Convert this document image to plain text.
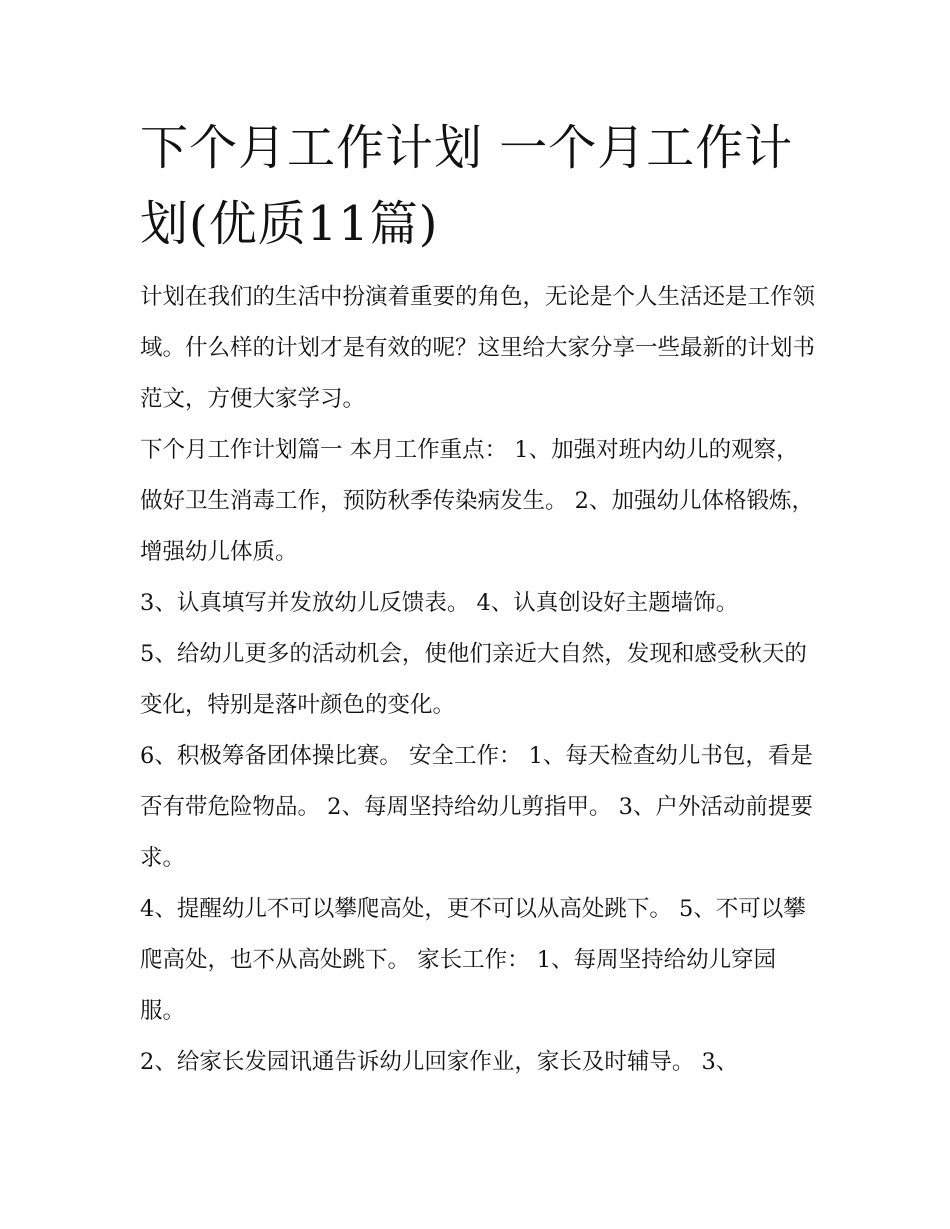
下个月工作计划 一个月工作计划(优质11篇)

计划在我们的生活中扮演着重要的角色，无论是个人生活还是工作领域。什么样的计划才是有效的呢？这里给大家分享一些最新的计划书范文，方便大家学习。

下个月工作计划篇一 本月工作重点： 1、加强对班内幼儿的观察，做好卫生消毒工作，预防秋季传染病发生。 2、加强幼儿体格锻炼，增强幼儿体质。

3、认真填写并发放幼儿反馈表。 4、认真创设好主题墙饰。

5、给幼儿更多的活动机会，使他们亲近大自然，发现和感受秋天的变化，特别是落叶颜色的变化。

6、积极筹备团体操比赛。 安全工作： 1、每天检查幼儿书包，看是否有带危险物品。 2、每周坚持给幼儿剪指甲。 3、户外活动前提要求。

4、提醒幼儿不可以攀爬高处，更不可以从高处跳下。 5、不可以攀爬高处，也不从高处跳下。 家长工作： 1、每周坚持给幼儿穿园服。

2、给家长发园讯通告诉幼儿回家作业，家长及时辅导。 3、
